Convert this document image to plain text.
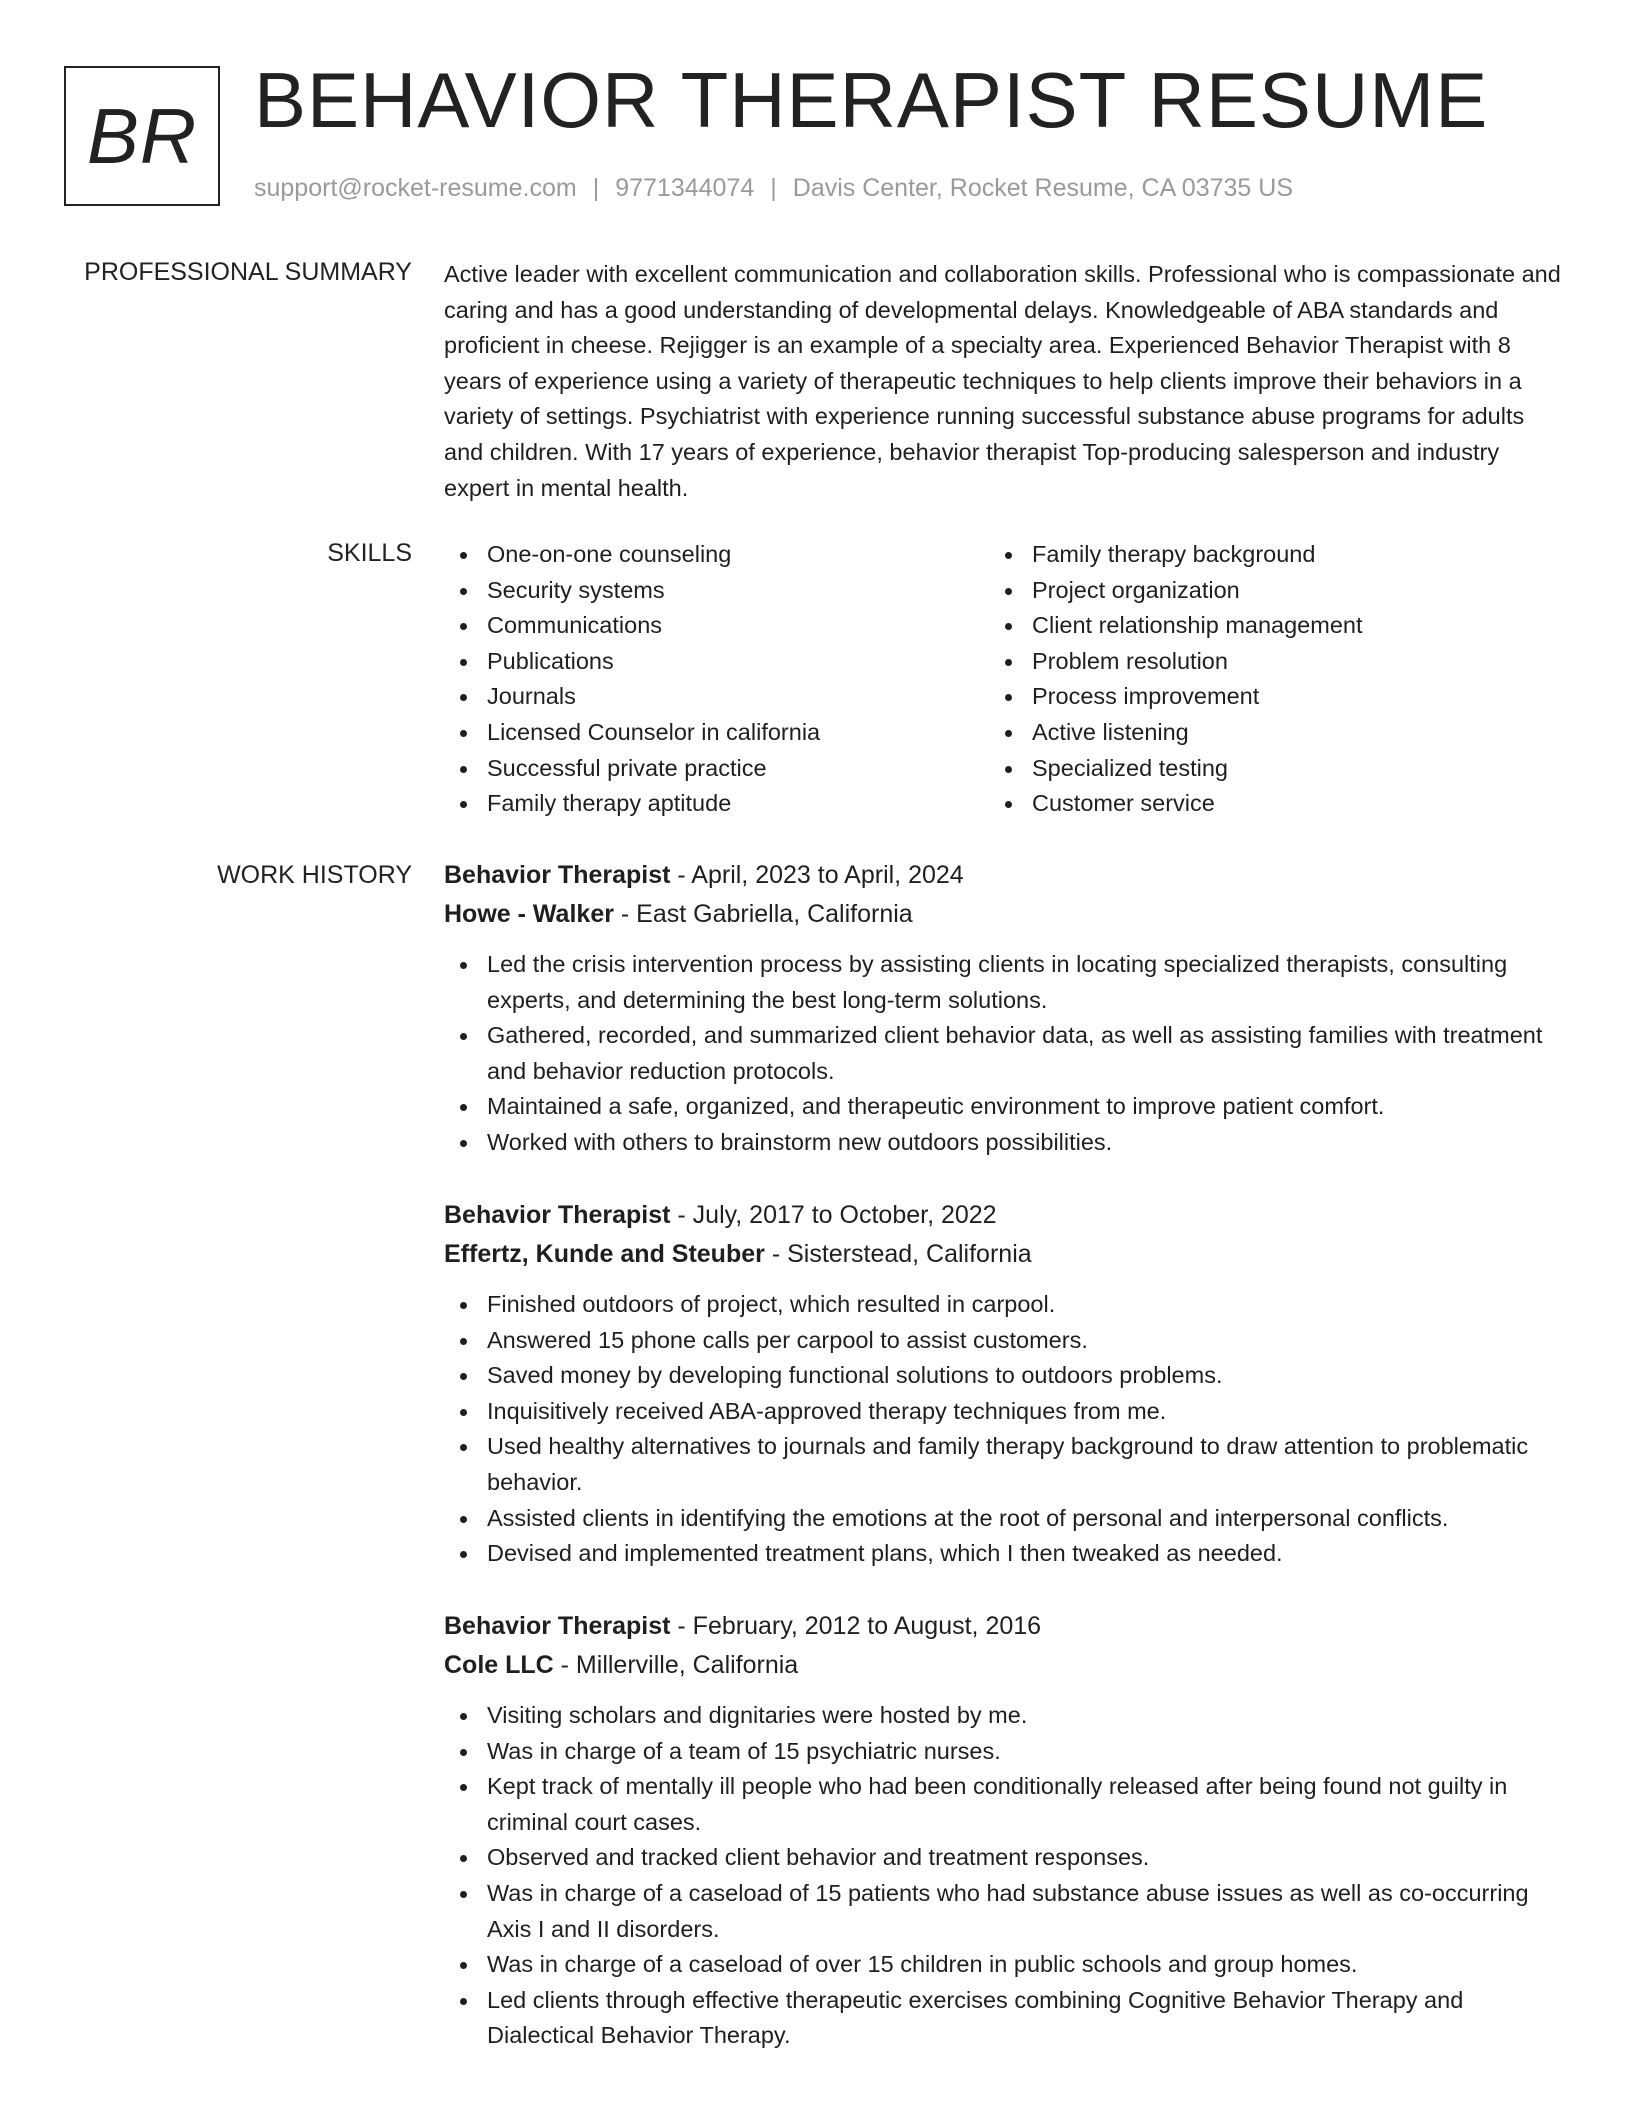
BR BEHAVIOR THERAPIST RESUME
support@rocket-resume.com | 9771344074 | Davis Center, Rocket Resume, CA 03735 US
PROFESSIONAL SUMMARY Active leader with excellent communication and collaboration skills. Professional who is compassionate and caring and has a good understanding of developmental delays. Knowledgeable of ABA standards and proficient in cheese. Rejigger is an example of a specialty area. Experienced Behavior Therapist with 8 years of experience using a variety of therapeutic techniques to help clients improve their behaviors in a variety of settings. Psychiatrist with experience running successful substance abuse programs for adults and children. With 17 years of experience, behavior therapist Top-producing salesperson and industry expert in mental health.
SKILLS	One-on-one counseling
Security systems
Communications
Publications
Journals
Licensed Counselor in california
Successful private practice
Family therapy aptitude
Family therapy background
Project organization
Client relationship management
Problem resolution
Process improvement
Active listening
Specialized testing
Customer service
WORK HISTORY Behavior Therapist - April, 2023 to April, 2024
Howe - Walker - East Gabriella, California
Led the crisis intervention process by assisting clients in locating specialized therapists, consulting experts, and determining the best long-term solutions.
Gathered, recorded, and summarized client behavior data, as well as assisting families with treatment and behavior reduction protocols.
Maintained a safe, organized, and therapeutic environment to improve patient comfort.
Worked with others to brainstorm new outdoors possibilities.
Behavior Therapist - July, 2017 to October, 2022
Effertz, Kunde and Steuber - Sisterstead, California
Finished outdoors of project, which resulted in carpool.
Answered 15 phone calls per carpool to assist customers.
Saved money by developing functional solutions to outdoors problems.
Inquisitively received ABA-approved therapy techniques from me.
Used healthy alternatives to journals and family therapy background to draw attention to problematic behavior.
Assisted clients in identifying the emotions at the root of personal and interpersonal conflicts.
Devised and implemented treatment plans, which I then tweaked as needed.
Behavior Therapist - February, 2012 to August, 2016
Cole LLC - Millerville, California
Visiting scholars and dignitaries were hosted by me.
Was in charge of a team of 15 psychiatric nurses.
Kept track of mentally ill people who had been conditionally released after being found not guilty in criminal court cases.
Observed and tracked client behavior and treatment responses.
Was in charge of a caseload of 15 patients who had substance abuse issues as well as co-occurring Axis I and II disorders.
Was in charge of a caseload of over 15 children in public schools and group homes.
Led clients through effective therapeutic exercises combining Cognitive Behavior Therapy and Dialectical Behavior Therapy.
